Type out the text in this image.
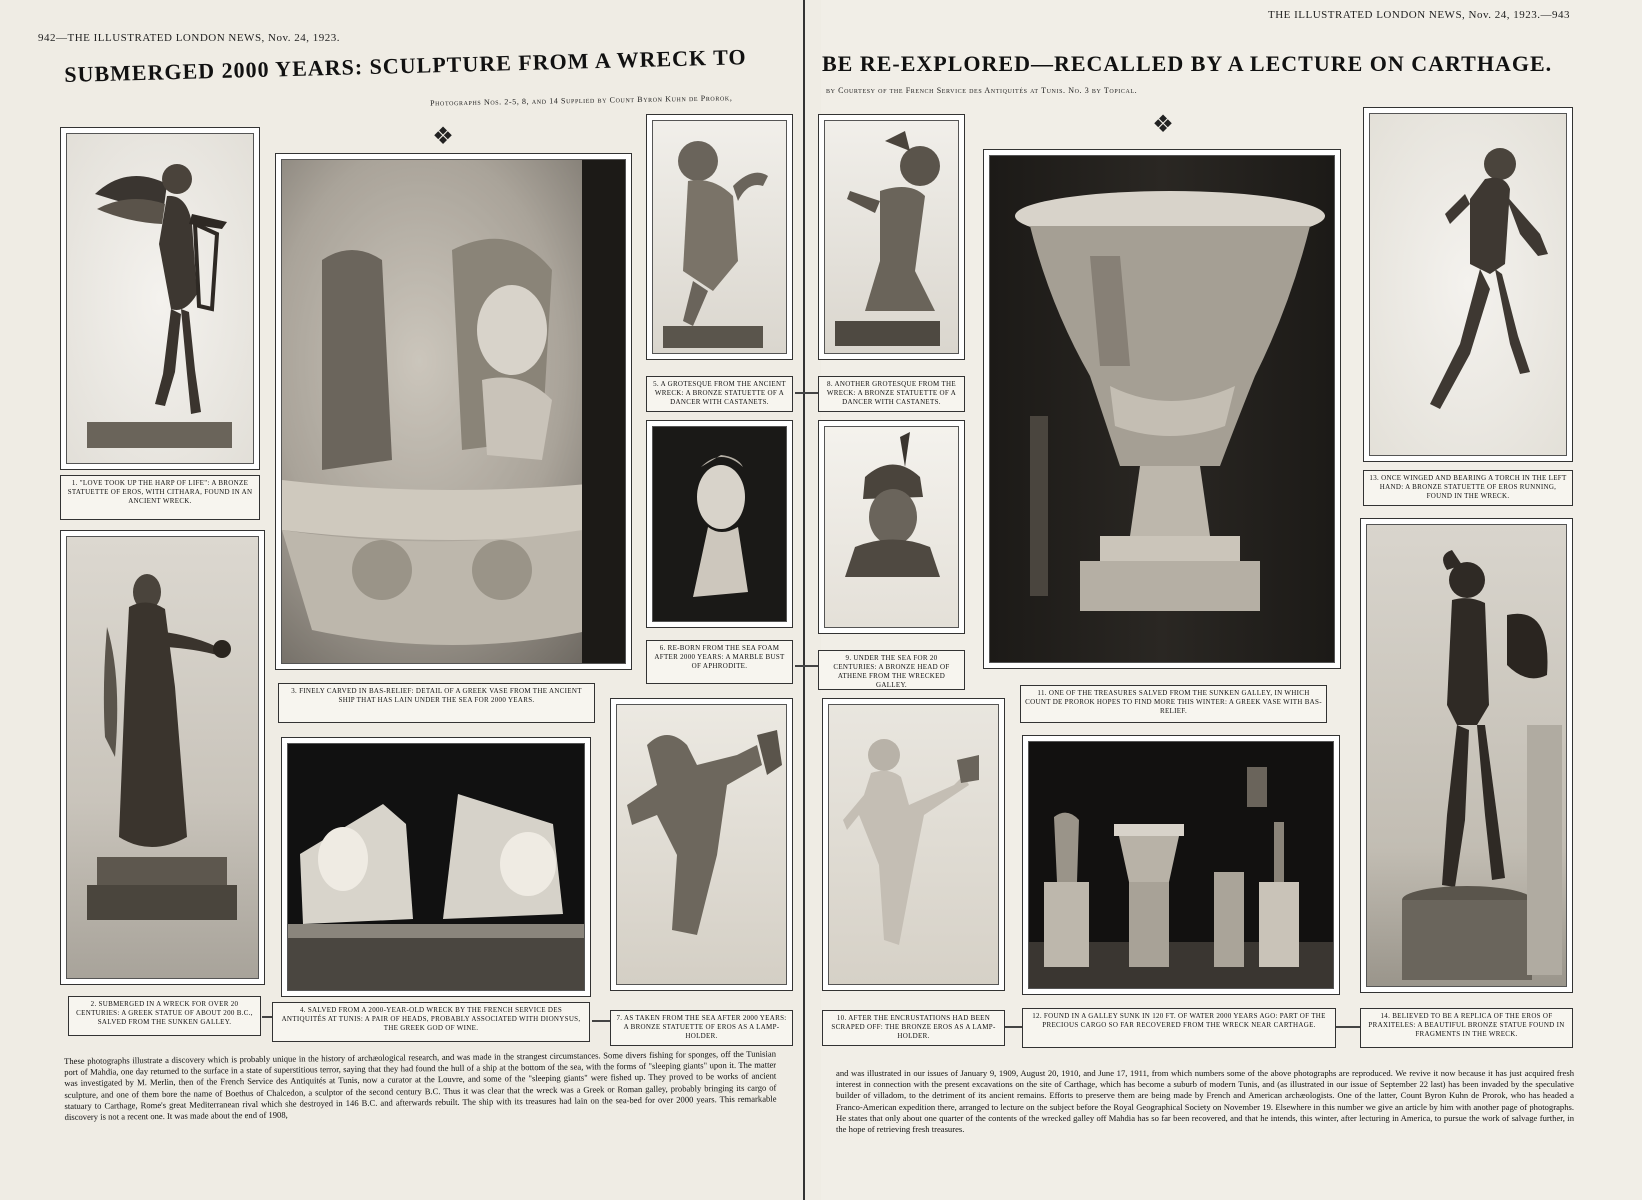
942—THE ILLUSTRATED LONDON NEWS, Nov. 24, 1923.
THE ILLUSTRATED LONDON NEWS, Nov. 24, 1923.—943
SUBMERGED 2000 YEARS: SCULPTURE FROM A WRECK TO	BE RE-EXPLORED—RECALLED BY A LECTURE ON CARTHAGE.
Photographs Nos. 2-5, 8, and 14 Supplied by Count Byron Kuhn de Prorok,
by Courtesy of the French Service des Antiquités at Tunis. No. 3 by Topical.
❖	❖
1. "LOVE TOOK UP THE HARP OF LIFE": A BRONZE STATUETTE OF EROS, WITH CITHARA, FOUND IN AN ANCIENT WRECK.
2. SUBMERGED IN A WRECK FOR OVER 20 CENTURIES: A GREEK STATUE OF ABOUT 200 B.C., SALVED FROM THE SUNKEN GALLEY.
3. FINELY CARVED IN BAS-RELIEF: DETAIL OF A GREEK VASE FROM THE ANCIENT SHIP THAT HAS LAIN UNDER THE SEA FOR 2000 YEARS.
4. SALVED FROM A 2000-YEAR-OLD WRECK BY THE FRENCH SERVICE DES ANTIQUITÉS AT TUNIS: A PAIR OF HEADS, PROBABLY ASSOCIATED WITH DIONYSUS, THE GREEK GOD OF WINE.
5. A GROTESQUE FROM THE ANCIENT WRECK: A BRONZE STATUETTE OF A DANCER WITH CASTANETS.
6. RE-BORN FROM THE SEA FOAM AFTER 2000 YEARS: A MARBLE BUST OF APHRODITE.
7. AS TAKEN FROM THE SEA AFTER 2000 YEARS: A BRONZE STATUETTE OF EROS AS A LAMP-HOLDER.
8. ANOTHER GROTESQUE FROM THE WRECK: A BRONZE STATUETTE OF A DANCER WITH CASTANETS.
9. UNDER THE SEA FOR 20 CENTURIES: A BRONZE HEAD OF ATHENE FROM THE WRECKED GALLEY.
10. AFTER THE ENCRUSTATIONS HAD BEEN SCRAPED OFF: THE BRONZE EROS AS A LAMP-HOLDER.
11. ONE OF THE TREASURES SALVED FROM THE SUNKEN GALLEY, IN WHICH COUNT DE PROROK HOPES TO FIND MORE THIS WINTER: A GREEK VASE WITH BAS-RELIEF.
12. FOUND IN A GALLEY SUNK IN 120 FT. OF WATER 2000 YEARS AGO: PART OF THE PRECIOUS CARGO SO FAR RECOVERED FROM THE WRECK NEAR CARTHAGE.
13. ONCE WINGED AND BEARING A TORCH IN THE LEFT HAND: A BRONZE STATUETTE OF EROS RUNNING, FOUND IN THE WRECK.
14. BELIEVED TO BE A REPLICA OF THE EROS OF PRAXITELES: A BEAUTIFUL BRONZE STATUE FOUND IN FRAGMENTS IN THE WRECK.

These photographs illustrate a discovery which is probably unique in the history of archæological research, and was made in the strangest circumstances. Some divers fishing for sponges, off the Tunisian port of Mahdia, one day returned to the surface in a state of superstitious terror, saying that they had found the hull of a ship at the bottom of the sea, with the forms of "sleeping giants" upon it. The matter was investigated by M. Merlin, then of the French Service des Antiquités at Tunis, now a curator at the Louvre, and some of the "sleeping giants" were fished up. They proved to be works of ancient sculpture, and one of them bore the name of Boethus of Chalcedon, a sculptor of the second century B.C. Thus it was clear that the wreck was a Greek or Roman galley, probably bringing its cargo of statuary to Carthage, Rome's great Mediterranean rival which she destroyed in 146 B.C. and afterwards rebuilt. The ship with its treasures had lain on the sea-bed for over 2000 years. This remarkable discovery is not a recent one. It was made about the end of 1908,

and was illustrated in our issues of January 9, 1909, August 20, 1910, and June 17, 1911, from which numbers some of the above photographs are reproduced. We revive it now because it has just acquired fresh interest in connection with the present excavations on the site of Carthage, which has become a suburb of modern Tunis, and (as illustrated in our issue of September 22 last) has been invaded by the speculative builder of villadom, to the detriment of its ancient remains. Efforts to preserve them are being made by French and American archæologists. One of the latter, Count Byron Kuhn de Prorok, who has headed a Franco-American expedition there, arranged to lecture on the subject before the Royal Geographical Society on November 19. Elsewhere in this number we give an article by him with another page of photographs. He states that only about one quarter of the contents of the wrecked galley off Mahdia has so far been recovered, and that he intends, this winter, after lecturing in America, to pursue the work of salvage further, in the hope of retrieving fresh treasures.
